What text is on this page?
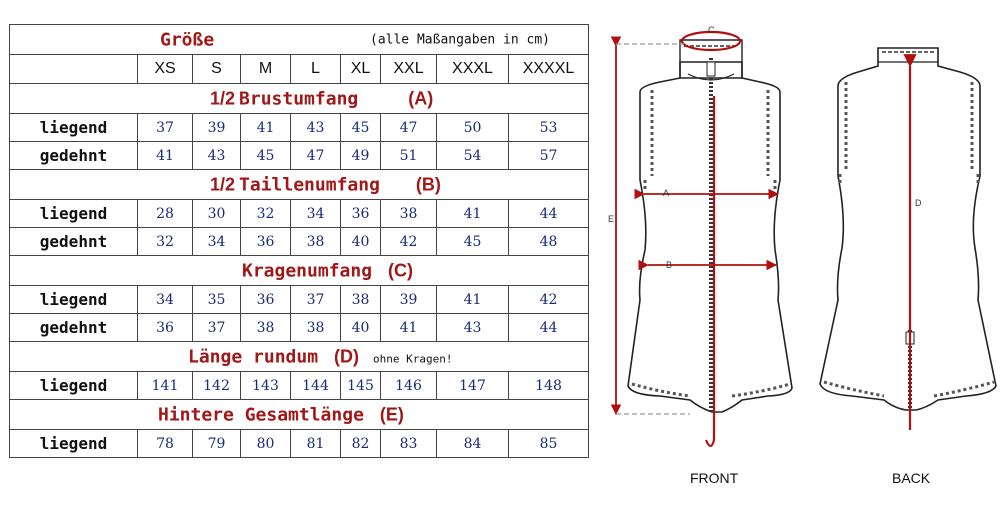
Größe (alle Maßangaben in cm)								

	XS	S	M	L	XL	XXL	XXXL	XXXXL

1/2 Brustumfang (A)								

liegend	37	39	41	43	45	47	50	53
gedehnt	41	43	45	47	49	51	54	57

1/2 Taillenumfang (B)								

liegend	28	30	32	34	36	38	41	44
gedehnt	32	34	36	38	40	42	45	48

Kragenumfang (C)								

liegend	34	35	36	37	38	39	41	42
gedehnt	36	37	38	38	40	41	43	44

Länge rundum (D) ohne Kragen!								

liegend	141	142	143	144	145	146	147	148

Hintere Gesamtlänge (E)								

liegend	78	79	80	81	82	83	84	85
C
A
B
E
D
FRONT	BACK
